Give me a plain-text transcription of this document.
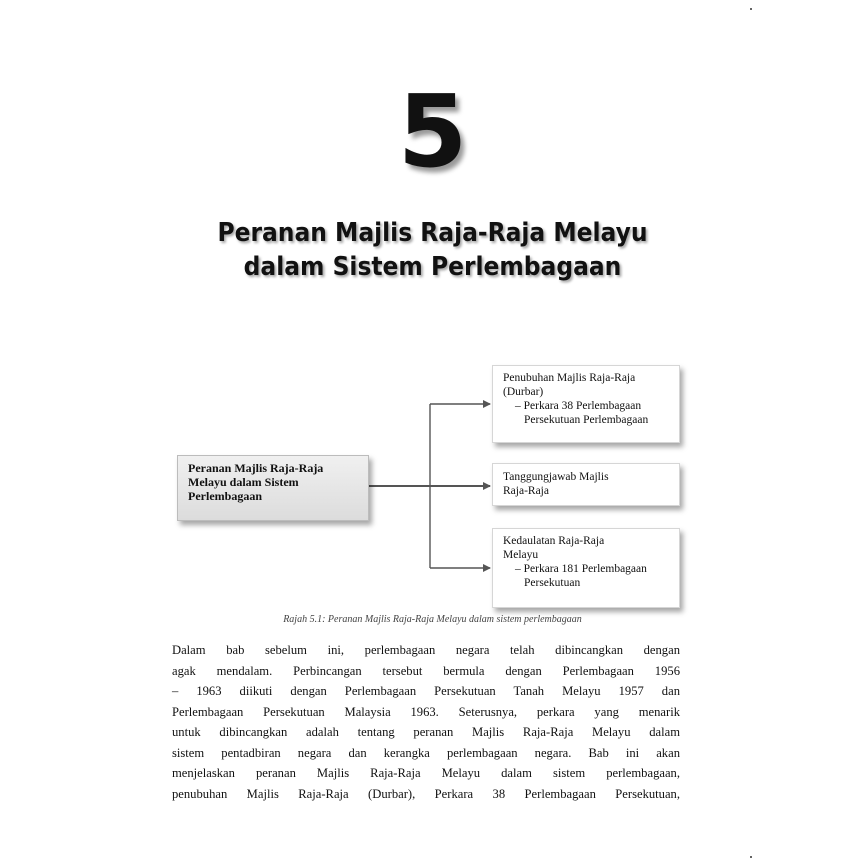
5
Peranan Majlis Raja-Raja Melayu
dalam Sistem Perlembagaan
Peranan Majlis Raja-Raja
Melayu dalam Sistem
Perlembagaan
Penubuhan Majlis Raja-Raja
(Durbar)
– Perkara 38 Perlembagaan
Persekutuan Perlembagaan
Tanggungjawab Majlis
Raja-Raja
Kedaulatan Raja-Raja
Melayu
– Perkara 181 Perlembagaan
Persekutuan
Rajah 5.1: Peranan Majlis Raja-Raja Melayu dalam sistem perlembagaan
Dalam bab sebelum ini, perlembagaan negara telah dibincangkan dengan
agak mendalam. Perbincangan tersebut bermula dengan Perlembagaan 1956
– 1963 diikuti dengan Perlembagaan Persekutuan Tanah Melayu 1957 dan
Perlembagaan Persekutuan Malaysia 1963. Seterusnya, perkara yang menarik
untuk dibincangkan adalah tentang peranan Majlis Raja-Raja Melayu dalam
sistem pentadbiran negara dan kerangka perlembagaan negara. Bab ini akan
menjelaskan peranan Majlis Raja-Raja Melayu dalam sistem perlembagaan,
penubuhan Majlis Raja-Raja (Durbar), Perkara 38 Perlembagaan Persekutuan,
